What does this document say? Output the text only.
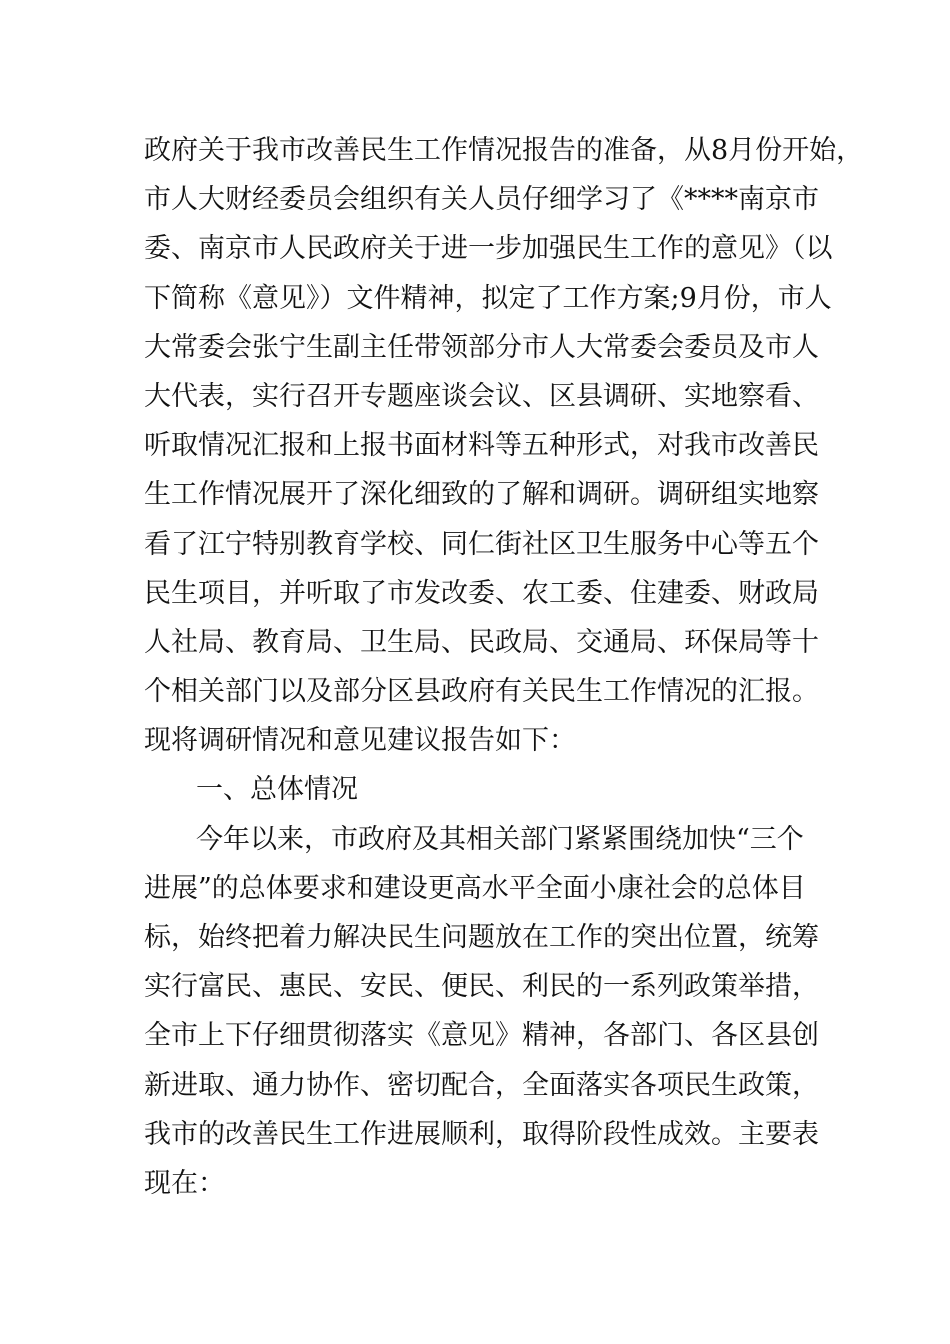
政府关于我市改善民生工作情况报告的准备，从8月份开始，
市人大财经委员会组织有关人员仔细学习了《****南京市
委、南京市人民政府关于进一步加强民生工作的意见》（以
下简称《意见》）文件精神，拟定了工作方案;9月份，市人
大常委会张宁生副主任带领部分市人大常委会委员及市人
大代表，实行召开专题座谈会议、区县调研、实地察看、
听取情况汇报和上报书面材料等五种形式，对我市改善民
生工作情况展开了深化细致的了解和调研。调研组实地察
看了江宁特别教育学校、同仁街社区卫生服务中心等五个
民生项目，并听取了市发改委、农工委、住建委、财政局
人社局、教育局、卫生局、民政局、交通局、环保局等十
个相关部门以及部分区县政府有关民生工作情况的汇报。
现将调研情况和意见建议报告如下：
一、总体情况
今年以来，市政府及其相关部门紧紧围绕加快“三个
进展”的总体要求和建设更高水平全面小康社会的总体目
标，始终把着力解决民生问题放在工作的突出位置，统筹
实行富民、惠民、安民、便民、利民的一系列政策举措，
全市上下仔细贯彻落实《意见》精神，各部门、各区县创
新进取、通力协作、密切配合，全面落实各项民生政策，
我市的改善民生工作进展顺利，取得阶段性成效。主要表
现在：
